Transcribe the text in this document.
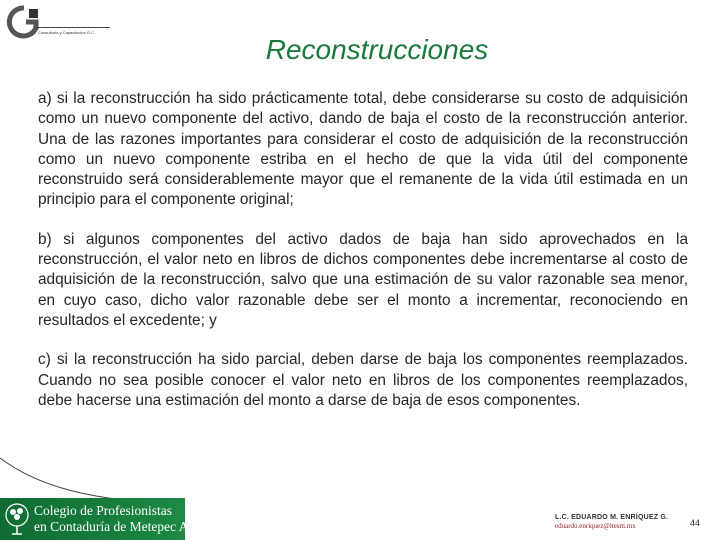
Consultoría y Capacitación G.C.
Reconstrucciones

a) si la reconstrucción ha sido prácticamente total, debe considerarse su costo de adquisición como un nuevo componente del activo, dando de baja el costo de la reconstrucción anterior. Una de las razones importantes para considerar el costo de adquisición de la reconstrucción como un nuevo componente estriba en el hecho de que la vida útil del componente reconstruido será considerablemente mayor que el remanente de la vida útil estimada en un principio para el componente original;

b) si algunos componentes del activo dados de baja han sido aprovechados en la reconstrucción, el valor neto en libros de dichos componentes debe incrementarse al costo de adquisición de la reconstrucción, salvo que una estimación de su valor razonable sea menor, en cuyo caso, dicho valor razonable debe ser el monto a incrementar, reconociendo en resultados el excedente; y

c) si la reconstrucción ha sido parcial, deben darse de baja los componentes reemplazados. Cuando no sea posible conocer el valor neto en libros de los componentes reemplazados, debe hacerse una estimación del monto a darse de baja de esos componentes.

Colegio de Profesionistas
en Contaduría de Metepec A.C.
L.C. EDUARDO M. ENRÍQUEZ G.
eduardo.enriquez@itesm.mx	44
